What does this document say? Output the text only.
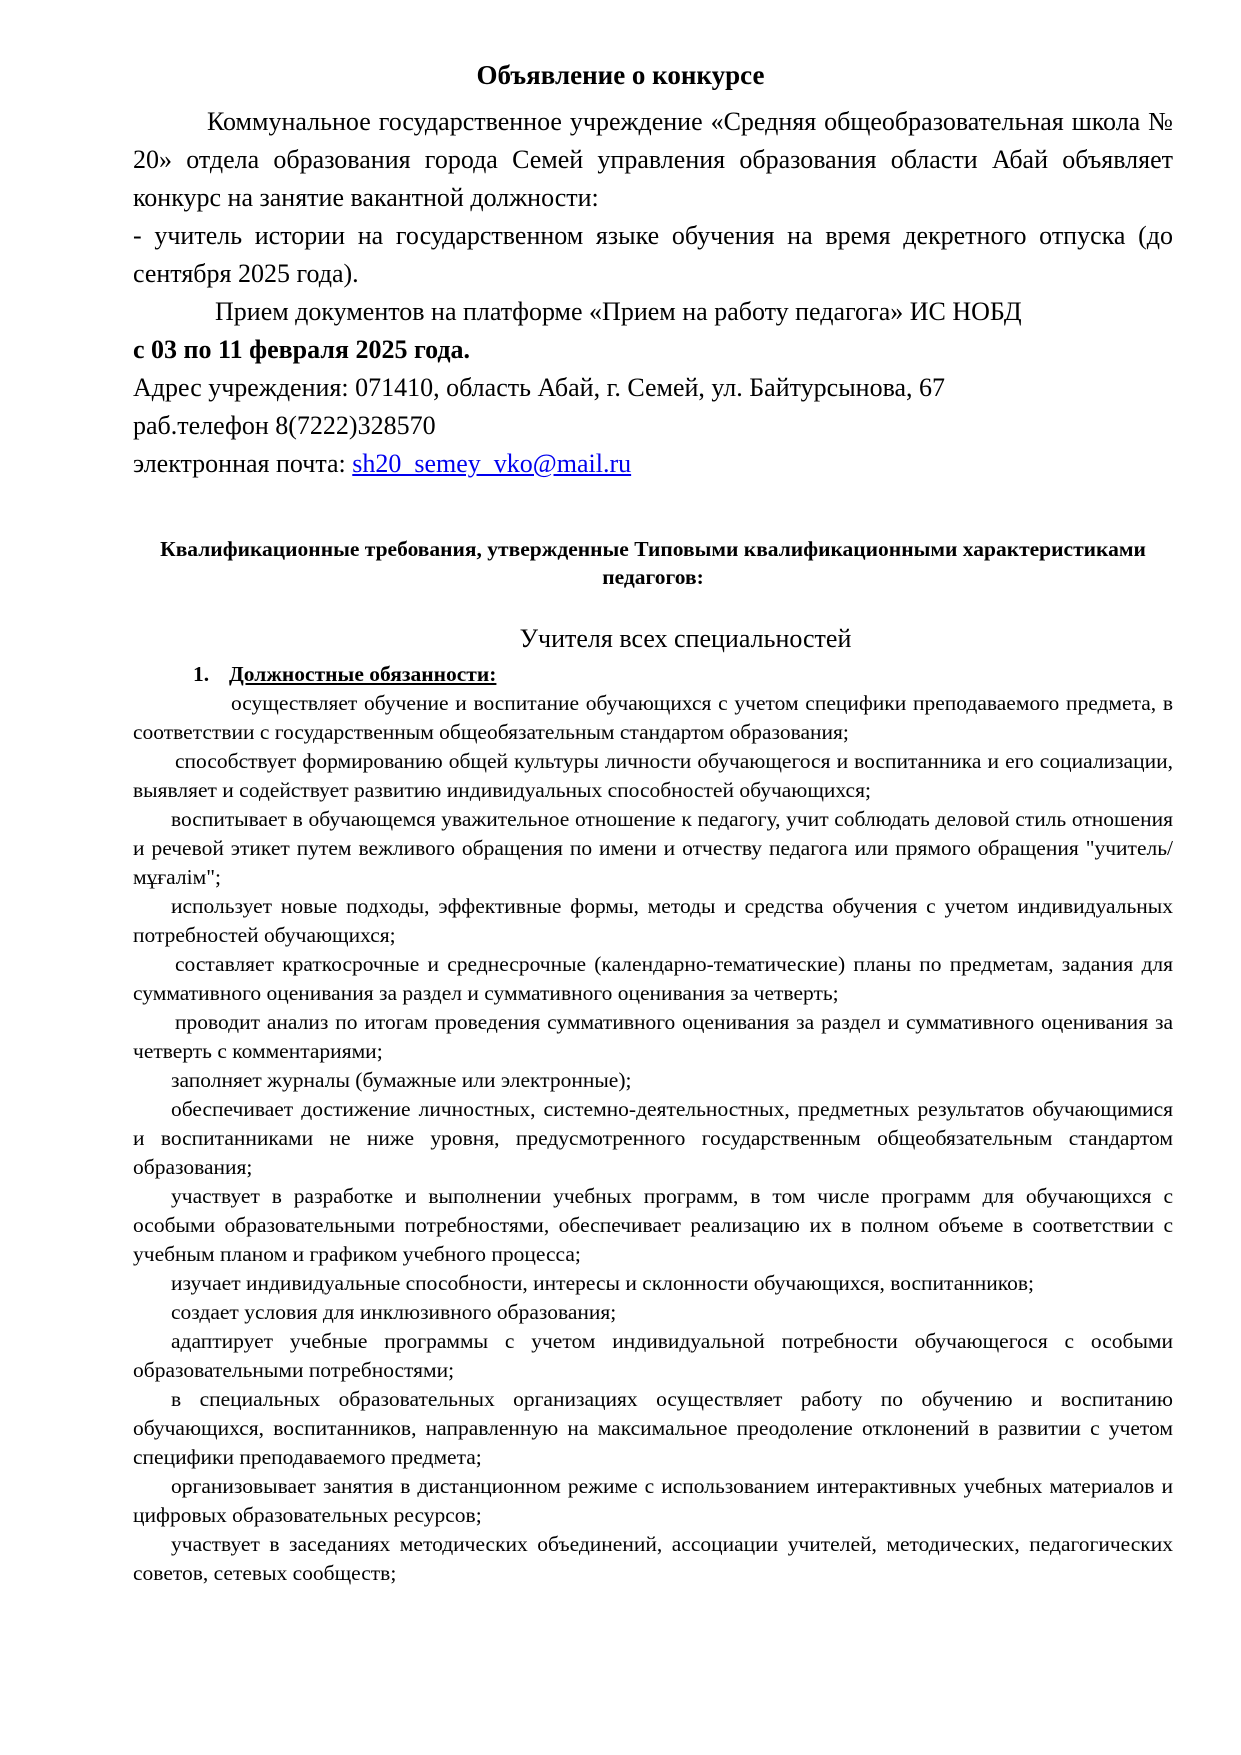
Объявление о конкурсе

Коммунальное государственное учреждение «Средняя общеобразовательная школа № 20» отдела образования города Семей управления образования области Абай объявляет конкурс на занятие вакантной должности:

- учитель истории на государственном языке обучения на время декретного отпуска (до сентября 2025 года).

Прием документов на платформе «Прием на работу педагога» ИС НОБД

с 03 по 11 февраля 2025 года.

Адрес учреждения: 071410, область Абай, г. Семей, ул. Байтурсынова, 67

раб.телефон 8(7222)328570

электронная почта: sh20_semey_vko@mail.ru

Квалификационные требования, утвержденные Типовыми квалификационными характеристиками педагогов:
Учителя всех специальностей

1. Должностные обязанности:

осуществляет обучение и воспитание обучающихся с учетом специфики преподаваемого предмета, в соответствии с государственным общеобязательным стандартом образования;
способствует формированию общей культуры личности обучающегося и воспитанника и его социализации, выявляет и содействует развитию индивидуальных способностей обучающихся;
воспитывает в обучающемся уважительное отношение к педагогу, учит соблюдать деловой стиль отношения и речевой этикет путем вежливого обращения по имени и отчеству педагога или прямого обращения "учитель/мұғалім";
использует новые подходы, эффективные формы, методы и средства обучения с учетом индивидуальных потребностей обучающихся;
составляет краткосрочные и среднесрочные (календарно-тематические) планы по предметам, задания для суммативного оценивания за раздел и суммативного оценивания за четверть;
проводит анализ по итогам проведения суммативного оценивания за раздел и суммативного оценивания за четверть с комментариями;
заполняет журналы (бумажные или электронные);
обеспечивает достижение личностных, системно-деятельностных, предметных результатов обучающимися и воспитанниками не ниже уровня, предусмотренного государственным общеобязательным стандартом образования;
участвует в разработке и выполнении учебных программ, в том числе программ для обучающихся с особыми образовательными потребностями, обеспечивает реализацию их в полном объеме в соответствии с учебным планом и графиком учебного процесса;
изучает индивидуальные способности, интересы и склонности обучающихся, воспитанников;
создает условия для инклюзивного образования;
адаптирует учебные программы с учетом индивидуальной потребности обучающегося с особыми образовательными потребностями;
в специальных образовательных организациях осуществляет работу по обучению и воспитанию обучающихся, воспитанников, направленную на максимальное преодоление отклонений в развитии с учетом специфики преподаваемого предмета;
организовывает занятия в дистанционном режиме с использованием интерактивных учебных материалов и цифровых образовательных ресурсов;
участвует в заседаниях методических объединений, ассоциации учителей, методических, педагогических советов, сетевых сообществ;
